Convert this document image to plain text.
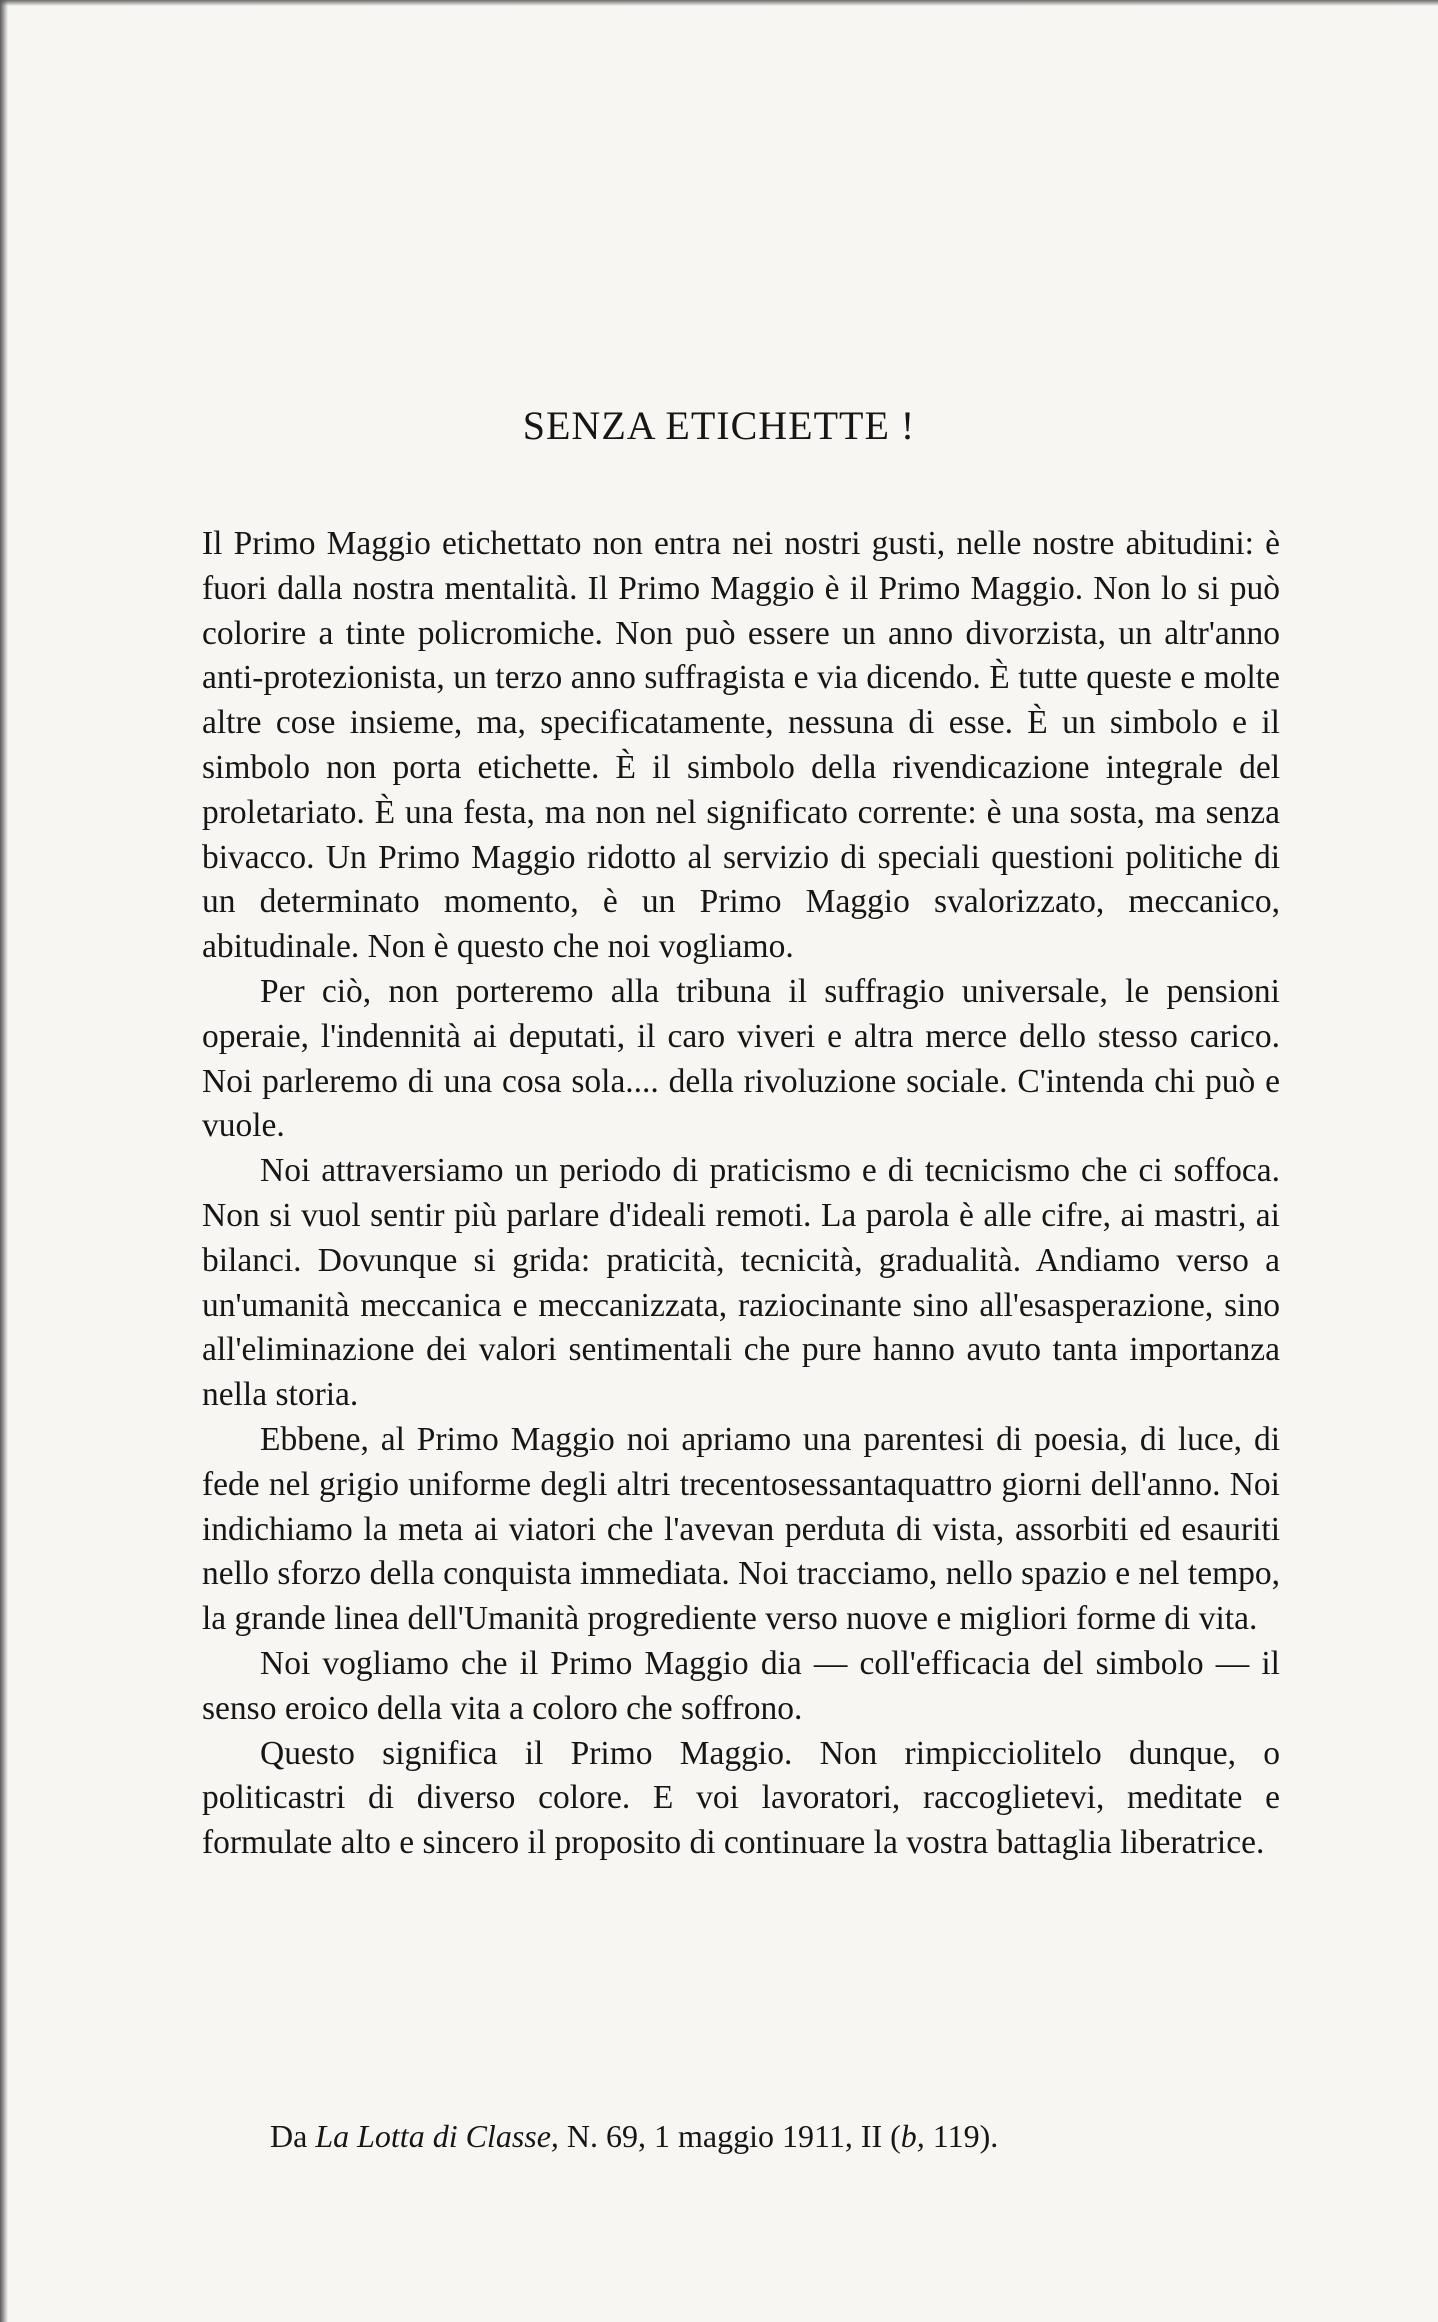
SENZA ETICHETTE !

Il Primo Maggio etichettato non entra nei nostri gusti, nelle nostre abitudini: è fuori dalla nostra mentalità. Il Primo Maggio è il Primo Maggio. Non lo si può colorire a tinte policromiche. Non può essere un anno divorzista, un altr'anno anti-protezionista, un terzo anno suffragista e via dicendo. È tutte queste e molte altre cose insieme, ma, specificatamente, nessuna di esse. È un simbolo e il simbolo non porta etichette. È il simbolo della rivendicazione integrale del proletariato. È una festa, ma non nel significato corrente: è una sosta, ma senza bivacco. Un Primo Maggio ridotto al servizio di speciali questioni politiche di un determinato momento, è un Primo Maggio svalorizzato, meccanico, abitudinale. Non è questo che noi vogliamo.

Per ciò, non porteremo alla tribuna il suffragio universale, le pensioni operaie, l'indennità ai deputati, il caro viveri e altra merce dello stesso carico. Noi parleremo di una cosa sola.... della rivoluzione sociale. C'intenda chi può e vuole.

Noi attraversiamo un periodo di praticismo e di tecnicismo che ci soffoca. Non si vuol sentir più parlare d'ideali remoti. La parola è alle cifre, ai mastri, ai bilanci. Dovunque si grida: praticità, tecnicità, gradualità. Andiamo verso a un'umanità meccanica e meccanizzata, raziocinante sino all'esasperazione, sino all'eliminazione dei valori sentimentali che pure hanno avuto tanta importanza nella storia.

Ebbene, al Primo Maggio noi apriamo una parentesi di poesia, di luce, di fede nel grigio uniforme degli altri trecentosessantaquattro giorni dell'anno. Noi indichiamo la meta ai viatori che l'avevan perduta di vista, assorbiti ed esauriti nello sforzo della conquista immediata. Noi tracciamo, nello spazio e nel tempo, la grande linea dell'Umanità progrediente verso nuove e migliori forme di vita.

Noi vogliamo che il Primo Maggio dia — coll'efficacia del simbolo — il senso eroico della vita a coloro che soffrono.

Questo significa il Primo Maggio. Non rimpicciolitelo dunque, o politicastri di diverso colore. E voi lavoratori, raccoglietevi, meditate e formulate alto e sincero il proposito di continuare la vostra battaglia liberatrice.

Da La Lotta di Classe, N. 69, 1 maggio 1911, II (b, 119).
